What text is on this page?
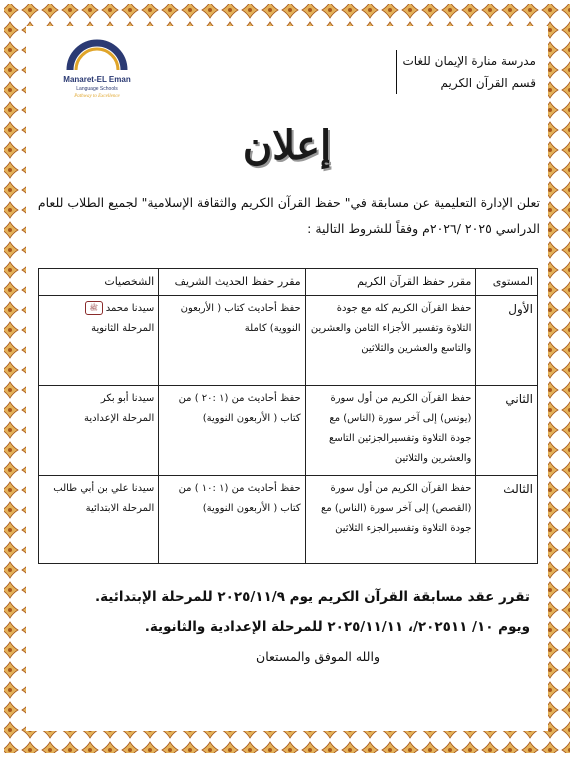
Manaret-EL Eman
Language Schools
Pathway to Excellence
مدرسة منارة الإيمان للغات
قسم القرآن الكريم
إعلان
تعلن الإدارة التعليمية عن مسابقة في" حفظ القرآن الكريم والثقافة الإسلامية" لجميع الطلاب للعام
الدراسي ٢٠٢٥ /٢٠٢٦م وفقاً للشروط التالية :
المستوى	مقرر حفظ القرآن الكريم	مقرر حفظ الحديث الشريف	الشخصيات
الأول	حفظ القرآن الكريم كله مع جودة التلاوة وتفسير الأجزاء الثامن والعشرين والتاسع والعشرين والثلاثين	حفظ أحاديث كتاب ( الأربعون النووية) كاملة	سيدنا محمدﷺ
المرحلة الثانوية

الثاني	حفظ القرآن الكريم من أول سورة (يونس) إلى آخر سورة (الناس) مع جودة التلاوة وتفسيرالجزئين التاسع والعشرين والثلاثين	حفظ أحاديث من (١ :٢٠ ) من كتاب ( الأربعون النووية)	سيدنا أبو بكر
المرحلة الإعدادية

الثالث	حفظ القرآن الكريم من أول سورة (القصص) إلى آخر سورة (الناس) مع جودة التلاوة وتفسيرالجزء الثلاثين	حفظ أحاديث من (١ :١٠ ) من كتاب ( الأربعون النووية)	سيدنا علي بن أبي طالب
المرحلة الابتدائية
تقرر عقد مسابقة القرآن الكريم يوم ٢٠٢٥/١١/٩ للمرحلة الإبتدائية.
ويوم ١٠/ ٢٠٢٥١١/، ٢٠٢٥/١١/١١ للمرحلة الإعدادية والثانوية.
والله الموفق والمستعان
